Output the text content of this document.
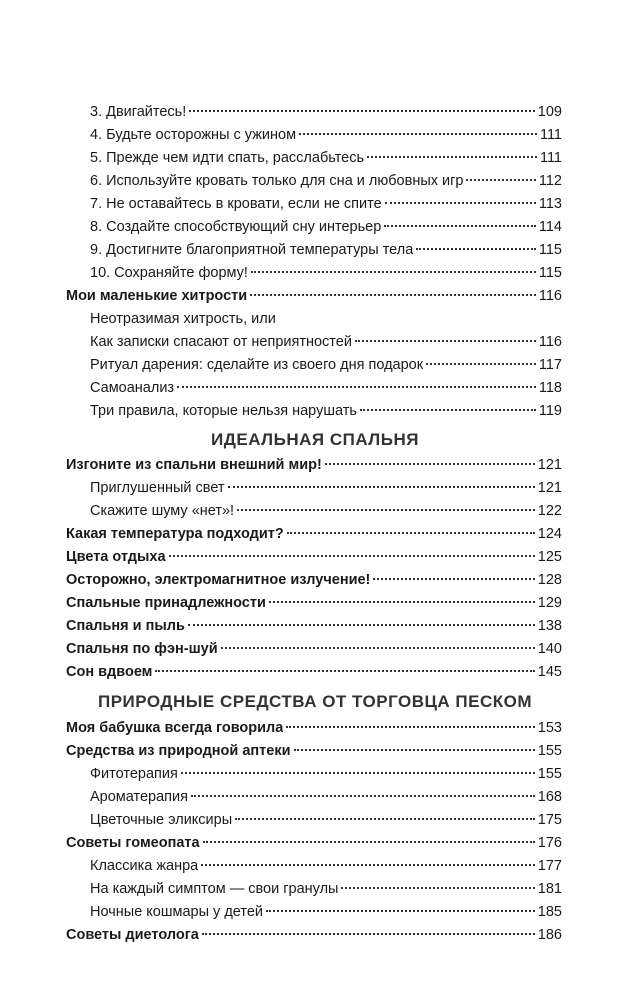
3. Двигайтесь!	109
4. Будьте осторожны с ужином	111
5. Прежде чем идти спать, расслабьтесь	111
6. Используйте кровать только для сна и любовных игр	112
7. Не оставайтесь в кровати, если не спите	113
8. Создайте способствующий сну интерьер	114
9. Достигните благоприятной температуры тела	115
10. Сохраняйте форму!	115
Мои маленькие хитрости	116
Неотразимая хитрость, или
Как записки спасают от неприятностей	116
Ритуал дарения: сделайте из своего дня подарок	117
Самоанализ	118
Три правила, которые нельзя нарушать	119
ИДЕАЛЬНАЯ СПАЛЬНЯ
Изгоните из спальни внешний мир!	121
Приглушенный свет	121
Скажите шуму «нет»!	122
Какая температура подходит?	124
Цвета отдыха	125
Осторожно, электромагнитное излучение!	128
Спальные принадлежности	129
Спальня и пыль	138
Спальня по фэн-шуй	140
Сон вдвоем	145
ПРИРОДНЫЕ СРЕДСТВА ОТ ТОРГОВЦА ПЕСКОМ
Моя бабушка всегда говорила	153
Средства из природной аптеки	155
Фитотерапия	155
Ароматерапия	168
Цветочные эликсиры	175
Советы гомеопата	176
Классика жанра	177
На каждый симптом — свои гранулы	181
Ночные кошмары у детей	185
Советы диетолога	186
